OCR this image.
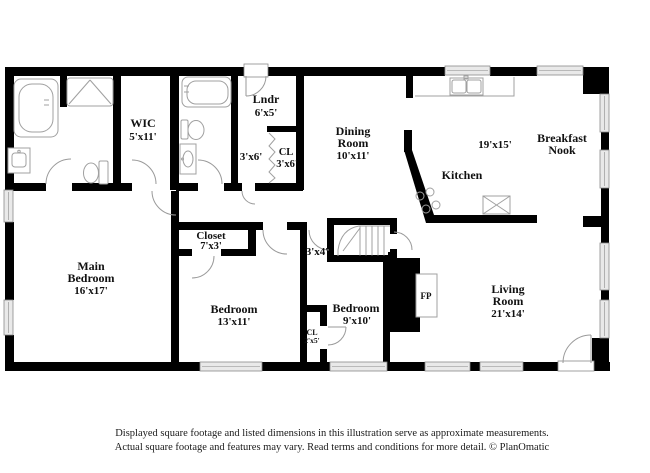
WIC
5'x11'
Lndr
6'x5'
3'x6' CL
3'x6'
Dining
Room
10'x11'
19'x15'
Kitchen
Breakfast
Nook
Closet
7'x3'	3'x4'
Main
Bedroom
16'x17'
Bedroom
13'x11'
Bedroom
9'x10'
CL
2'x5'
FP	Living
Room
21'x14'
Displayed square footage and listed dimensions in this illustration serve as approximate measurements.
Actual square footage and features may vary. Read terms and conditions for more detail. © PlanOmatic
